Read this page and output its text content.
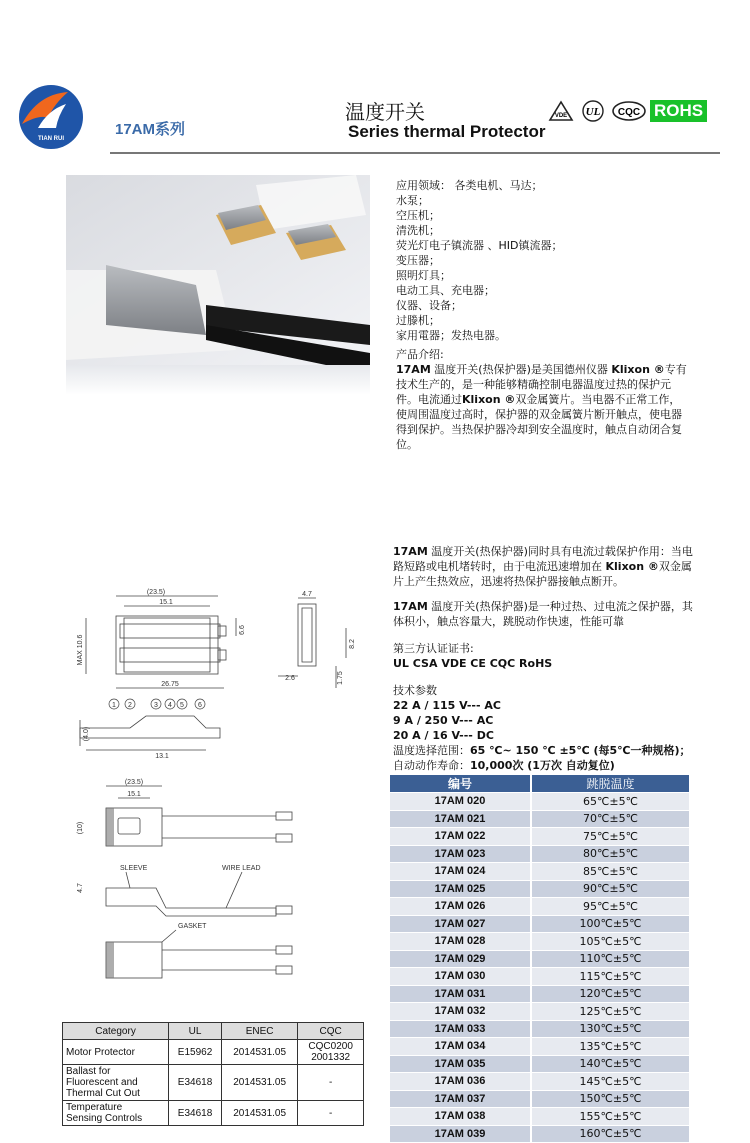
TIAN RUI
17AM系列
温度开关
Series thermal Protector
VDE UL CQC ROHS
应用领域： 各类电机、马达；
水泵；
空压机；
清洗机；
荧光灯电子镇流器 、HID镇流器；
变压器；
照明灯具；
电动工具、充电器；
仪器、设备；
过滕机；
家用電器；发热电器。
产品介绍:
17AM 温度开关(热保护器)是美国德州仪器 Klixon ®专有技术生产的，是一种能够精确控制电器温度过热的保护元件。电流通过Klixon ®双金属簧片。当电器不正常工作，使周围温度过高时，保护器的双金属簧片断开触点，使电器得到保护。当热保护器冷却到安全温度时，触点自动闭合复位。
17AM 温度开关(热保护器)同时具有电流过载保护作用：当电路短路或电机堵转时，由于电流迅速增加在 Klixon ®双金属片上产生热效应，迅速将热保护器接触点断开。
17AM 温度开关(热保护器)是一种过热、过电流之保护器，其体积小，触点容量大，跳脱动作快速，性能可靠
第三方认证证书:
UL CSA VDE CE CQC RoHS
技术参数
22 A / 115 V--- AC
9 A / 250 V--- AC
20 A / 16 V--- DC
温度选择范围：65 ℃~ 150 ℃ ±5℃ (每5℃一种规格)；
自动动作寿命：10,000次 (1万次 自动复位)
编号	跳脱温度
17AM 020	65℃±5℃
17AM 021	70℃±5℃
17AM 022	75℃±5℃
17AM 023	80℃±5℃
17AM 024	85℃±5℃
17AM 025	90℃±5℃
17AM 026	95℃±5℃
17AM 027	100℃±5℃
17AM 028	105℃±5℃
17AM 029	110℃±5℃
17AM 030	115℃±5℃
17AM 031	120℃±5℃
17AM 032	125℃±5℃
17AM 033	130℃±5℃
17AM 034	135℃±5℃
17AM 035	140℃±5℃
17AM 036	145℃±5℃
17AM 037	150℃±5℃
17AM 038	155℃±5℃
17AM 039	160℃±5℃
(23.5)
15.1
MAX 10.6
6.6
26.75
4.7
8.2
2.6	1.75
(4.0)
13.1
1 2	3 4 5 6
(23.5)
15.1
(10)
4.7
SLEEVE	WIRE LEAD
GASKET
Category	UL	ENEC	CQC
Motor Protector	E15962	2014531.05	CQC0200
2001332
Ballast for
Fluorescent and
Thermal Cut Out	E34618	2014531.05	-
Temperature
Sensing Controls	E34618	2014531.05	-
